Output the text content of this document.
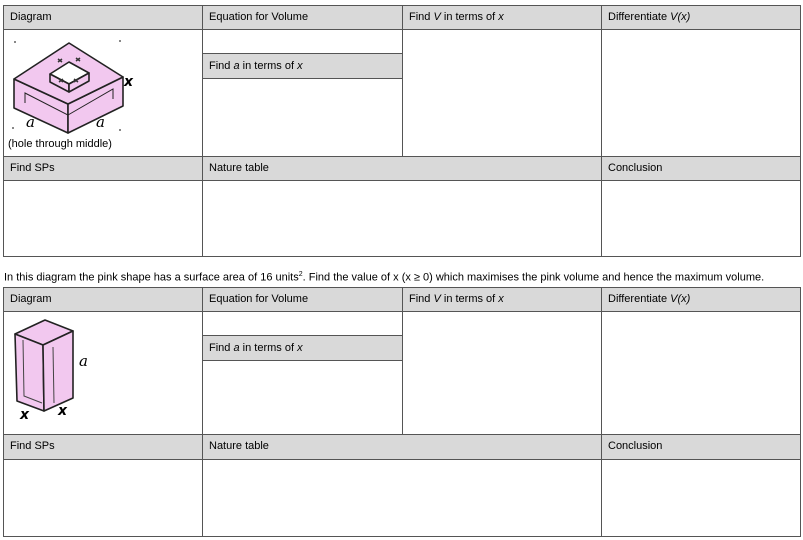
Diagram	Equation for Volume	Find V in terms of x	Differentiate V(x)
Find a in terms of x
Find SPs	Nature table	Conclusion
x
a	a
(hole through middle)
In this diagram the pink shape has a surface area of 16 units$^2$. Find the value of x (x ≥ 0) which maximises the pink volume and hence the maximum volume.
Diagram	Equation for Volume	Find V in terms of x	Differentiate V(x)
Find a in terms of x
Find SPs	Nature table	Conclusion
a
x x
